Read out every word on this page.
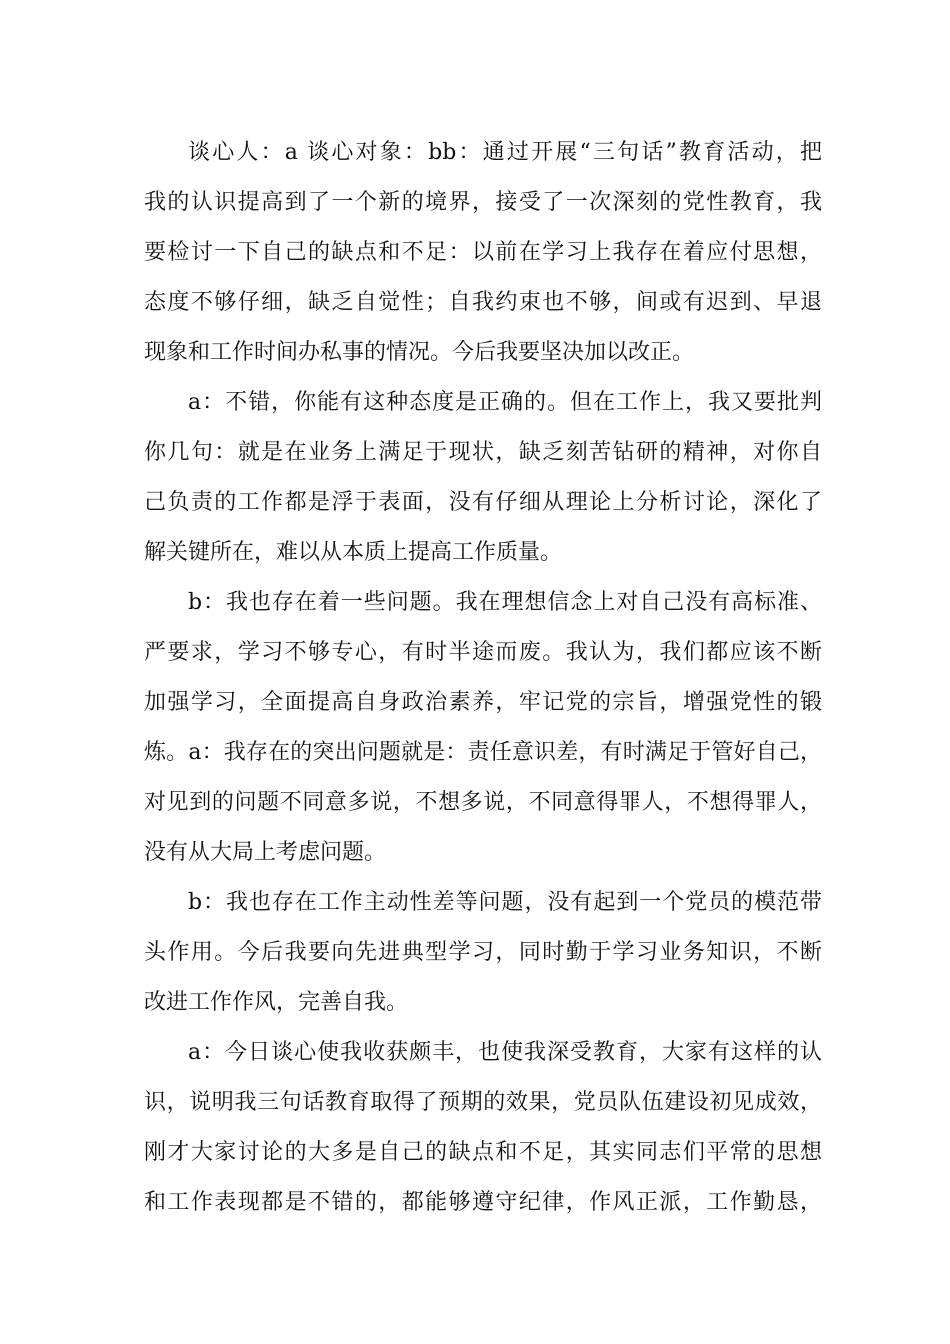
谈心人：a 谈心对象：bb：通过开展“三句话”教育活动，把
我的认识提高到了一个新的境界，接受了一次深刻的党性教育，我
要检讨一下自己的缺点和不足：以前在学习上我存在着应付思想，
态度不够仔细，缺乏自觉性；自我约束也不够，间或有迟到、早退
现象和工作时间办私事的情况。今后我要坚决加以改正。
a：不错，你能有这种态度是正确的。但在工作上，我又要批判
你几句：就是在业务上满足于现状，缺乏刻苦钻研的精神，对你自
己负责的工作都是浮于表面，没有仔细从理论上分析讨论，深化了
解关键所在，难以从本质上提高工作质量。
b：我也存在着一些问题。我在理想信念上对自己没有高标准、
严要求，学习不够专心，有时半途而废。我认为，我们都应该不断
加强学习，全面提高自身政治素养，牢记党的宗旨，增强党性的锻
炼。a：我存在的突出问题就是：责任意识差，有时满足于管好自己，
对见到的问题不同意多说，不想多说，不同意得罪人，不想得罪人，
没有从大局上考虑问题。
b：我也存在工作主动性差等问题，没有起到一个党员的模范带
头作用。今后我要向先进典型学习，同时勤于学习业务知识，不断
改进工作作风，完善自我。
a：今日谈心使我收获颇丰，也使我深受教育，大家有这样的认
识，说明我三句话教育取得了预期的效果，党员队伍建设初见成效，
刚才大家讨论的大多是自己的缺点和不足，其实同志们平常的思想
和工作表现都是不错的，都能够遵守纪律，作风正派，工作勤恳，
